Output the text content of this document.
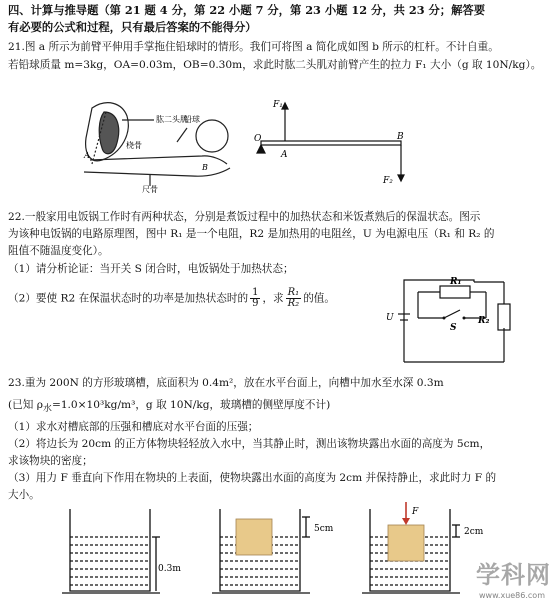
四、计算与推导题（第 21 题 4 分，第 22 小题 7 分，第 23 小题 12 分，共 23 分；解答要
有必要的公式和过程，只有最后答案的不能得分）
21.图 a 所示为前臂平伸用手掌拖住铅球时的情形。我们可将图 a 简化成如图 b 所示的杠杆。不计自重。
若铅球质量 m=3kg，OA=0.03m，OB=0.30m，求此时肱二头肌对前臂产生的拉力 F₁ 大小（g 取 10N/kg）。
肱二头肌
铅球
桡骨
尺骨
A
B
F₁
F₂
O
A
B
22.一般家用电饭锅工作时有两种状态，分别是煮饭过程中的加热状态和米饭煮熟后的保温状态。图示
为该种电饭锅的电路原理图，图中 R₁ 是一个电阻，R2 是加热用的电阻丝，U 为电源电压（R₁ 和 R₂ 的
阻值不随温度变化）。
（1）请分析论证：当开关 S 闭合时，电饭锅处于加热状态；
（2）要使 R2 在保温状态时的功率是加热状态时的 $\frac{1}{9}$ ，求 $\frac{\text{R₁}}{\text{R₂}}$ 的值。
R₁
R₂
S
U
23.重为 200N 的方形玻璃槽，底面积为 0.4m²，放在水平台面上，向槽中加水至水深 0.3m
(已知 $\rho_水=1.0\times 10^3kg/m^3$，g 取 10N/kg，玻璃槽的侧壁厚度不计)
（1）求水对槽底部的压强和槽底对水平台面的压强；
（2）将边长为 20cm 的正方体物块轻轻放入水中，当其静止时，测出该物块露出水面的高度为 5cm，
求该物块的密度；
（3）用力 F 垂直向下作用在物块的上表面，使物块露出水面的高度为 2cm 并保持静止，求此时力 F 的
大小。
0.3m
5cm
F
2cm
学科网
www.xue86.com
